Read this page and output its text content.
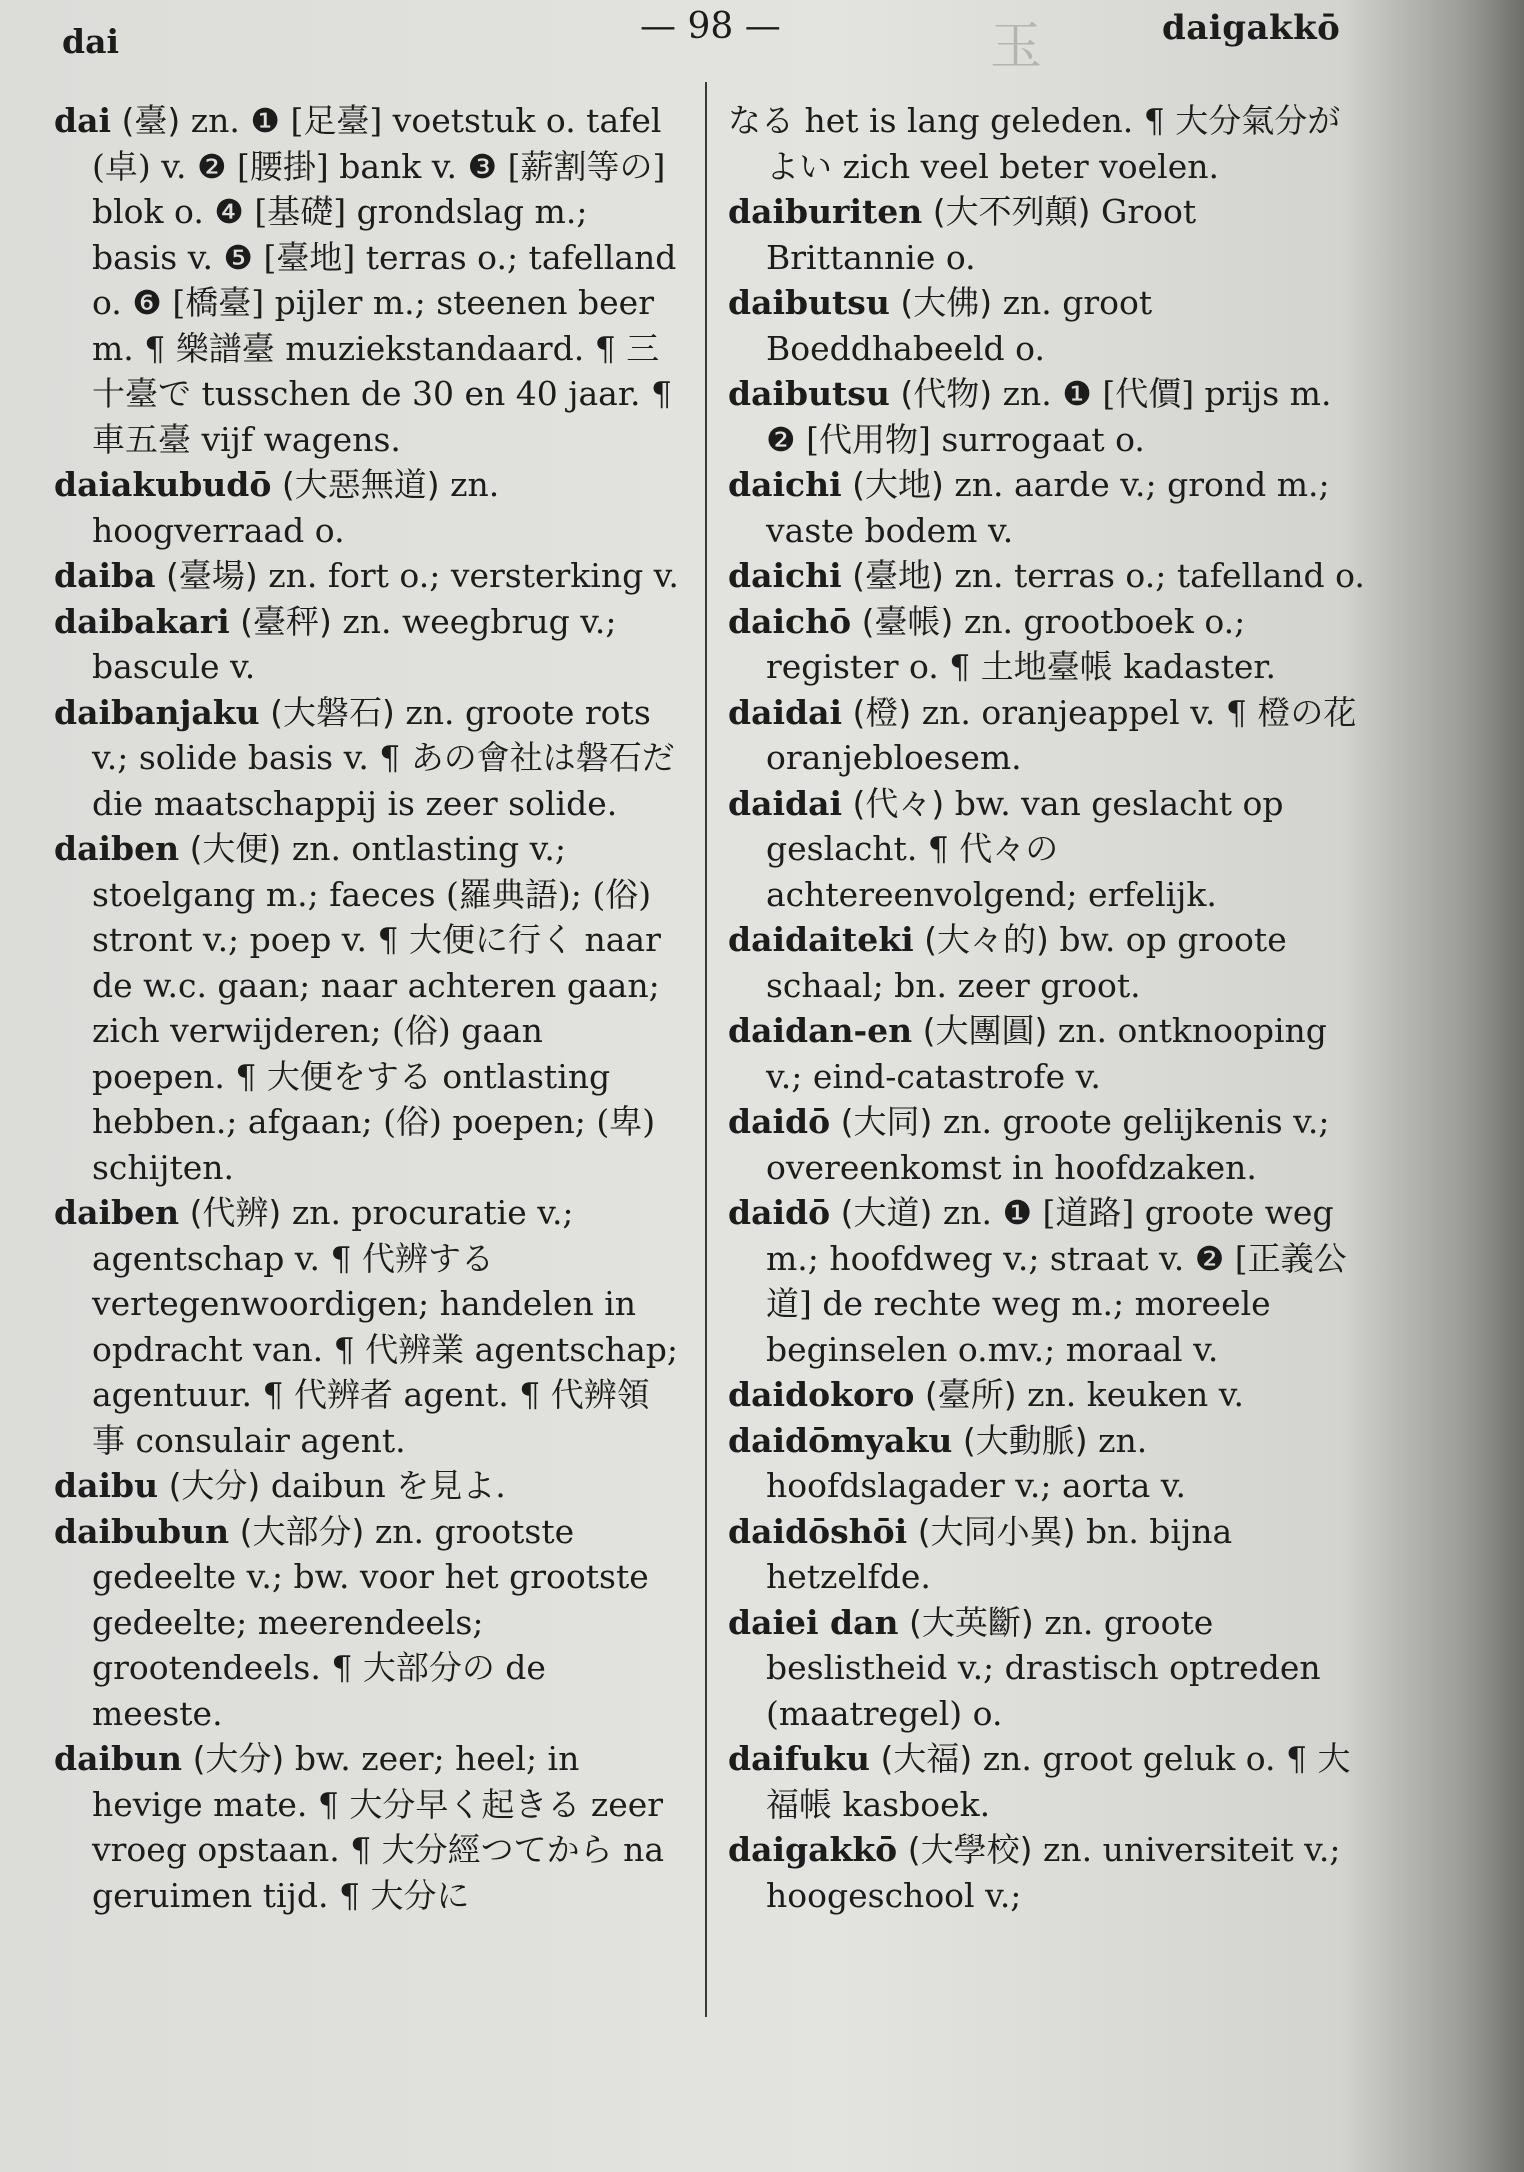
dai	— 98 —	玉	daigakkō

dai (臺) zn. ❶ [足臺] voetstuk o. tafel (卓) v. ❷ [腰掛] bank v. ❸ [薪割等の] blok o. ❹ [基礎] grondslag m.; basis v. ❺ [臺地] terras o.; tafelland o. ❻ [橋臺] pijler m.; steenen beer m. ¶ 樂譜臺 muziekstandaard. ¶ 三十臺で tusschen de 30 en 40 jaar. ¶ 車五臺 vijf wagens.

daiakubudō (大惡無道) zn. hoogverraad o.

daiba (臺場) zn. fort o.; versterking v.

daibakari (臺秤) zn. weegbrug v.; bascule v.

daibanjaku (大磐石) zn. groote rots v.; solide basis v. ¶ あの會社は磐石だ die maatschappij is zeer solide.

daiben (大便) zn. ontlasting v.; stoelgang m.; faeces (羅典語); (俗) stront v.; poep v. ¶ 大便に行く naar de w.c. gaan; naar achteren gaan; zich verwijderen; (俗) gaan poepen. ¶ 大便をする ontlasting hebben.; afgaan; (俗) poepen; (卑) schijten.

daiben (代辨) zn. procuratie v.; agentschap v. ¶ 代辨する vertegenwoordigen; handelen in opdracht van. ¶ 代辨業 agentschap; agentuur. ¶ 代辨者 agent. ¶ 代辨領事 consulair agent.

daibu (大分) daibun を見よ.

daibubun (大部分) zn. grootste gedeelte v.; bw. voor het grootste gedeelte; meerendeels; grootendeels. ¶ 大部分の de meeste.

daibun (大分) bw. zeer; heel; in hevige mate. ¶ 大分早く起きる zeer vroeg opstaan. ¶ 大分經つてから na geruimen tijd. ¶ 大分に

なる het is lang geleden. ¶ 大分氣分がよい zich veel beter voelen.

daiburiten (大不列顛) Groot Brittannie o.

daibutsu (大佛) zn. groot Boeddhabeeld o.

daibutsu (代物) zn. ❶ [代價] prijs m. ❷ [代用物] surrogaat o.

daichi (大地) zn. aarde v.; grond m.; vaste bodem v.

daichi (臺地) zn. terras o.; tafelland o.

daichō (臺帳) zn. grootboek o.; register o. ¶ 土地臺帳 kadaster.

daidai (橙) zn. oranjeappel v. ¶ 橙の花 oranjebloesem.

daidai (代々) bw. van geslacht op geslacht. ¶ 代々の achtereenvolgend; erfelijk.

daidaiteki (大々的) bw. op groote schaal; bn. zeer groot.

daidan-en (大團圓) zn. ontknooping v.; eind-catastrofe v.

daidō (大同) zn. groote gelijkenis v.; overeenkomst in hoofdzaken.

daidō (大道) zn. ❶ [道路] groote weg m.; hoofdweg v.; straat v. ❷ [正義公道] de rechte weg m.; moreele beginselen o.mv.; moraal v.

daidokoro (臺所) zn. keuken v.

daidōmyaku (大動脈) zn. hoofdslagader v.; aorta v.

daidōshōi (大同小異) bn. bijna hetzelfde.

daiei dan (大英斷) zn. groote beslistheid v.; drastisch optreden (maatregel) o.

daifuku (大福) zn. groot geluk o. ¶ 大福帳 kasboek.

daigakkō (大學校) zn. universiteit v.; hoogeschool v.;
